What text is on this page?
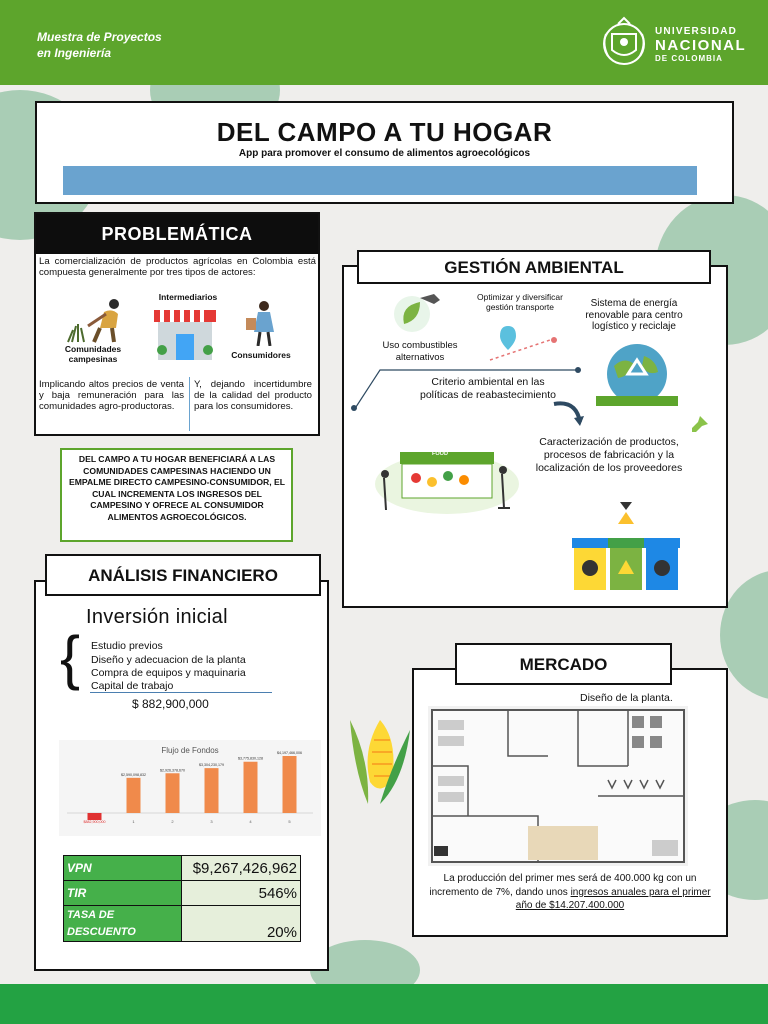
Muestra de Proyectos
en Ingeniería
UNIVERSIDAD
NACIONAL
DE COLOMBIA
DEL CAMPO A TU HOGAR
App para promover el consumo de alimentos agroecológicos
PROBLEMÁTICA
La comercialización de productos agrícolas en Colombia está compuesta generalmente por tres tipos de actores:
Comunidades campesinas
Intermediarios
Consumidores
Implicando altos precios de venta y baja remuneración para las comunidades agro-productoras.
Y, dejando incertidumbre de la calidad del producto para los consumidores.
DEL CAMPO A TU HOGAR BENEFICIARÁ A LAS COMUNIDADES CAMPESINAS HACIENDO UN EMPALME DIRECTO CAMPESINO-CONSUMIDOR, EL CUAL INCREMENTA LOS INGRESOS DEL CAMPESINO Y OFRECE AL CONSUMIDOR ALIMENTOS AGROECOLÓGICOS.
ANÁLISIS FINANCIERO
Inversión inicial
{ Estudio previos
Diseño y adecuacion de la planta
Compra de equipos y maquinaria
Capital de trabajo
$ 882,900,000
Flujo de Fondos
$882,900,000
$2,590,098,832
1
$2,926,378,670
2
$3,304,230,179
3
$3,775,830,128
4
$4,197,466,006
5
VPN	$9,267,426,962
TIR	546%
TASA DE DESCUENTO	20%
GESTIÓN AMBIENTAL
Uso combustibles alternativos
Optimizar y diversificar gestión transporte	Sistema de energía renovable para centro logístico y reciclaje
Criterio ambiental en las políticas de reabastecimiento
ORGANIC FOOD
Caracterización de productos, procesos de fabricación y la localización de los proveedores
MERCADO
Diseño de la planta.
La producción del primer mes será de 400.000 kg con un incremento de 7%, dando unos ingresos anuales para el primer año de $14.207.400.000
